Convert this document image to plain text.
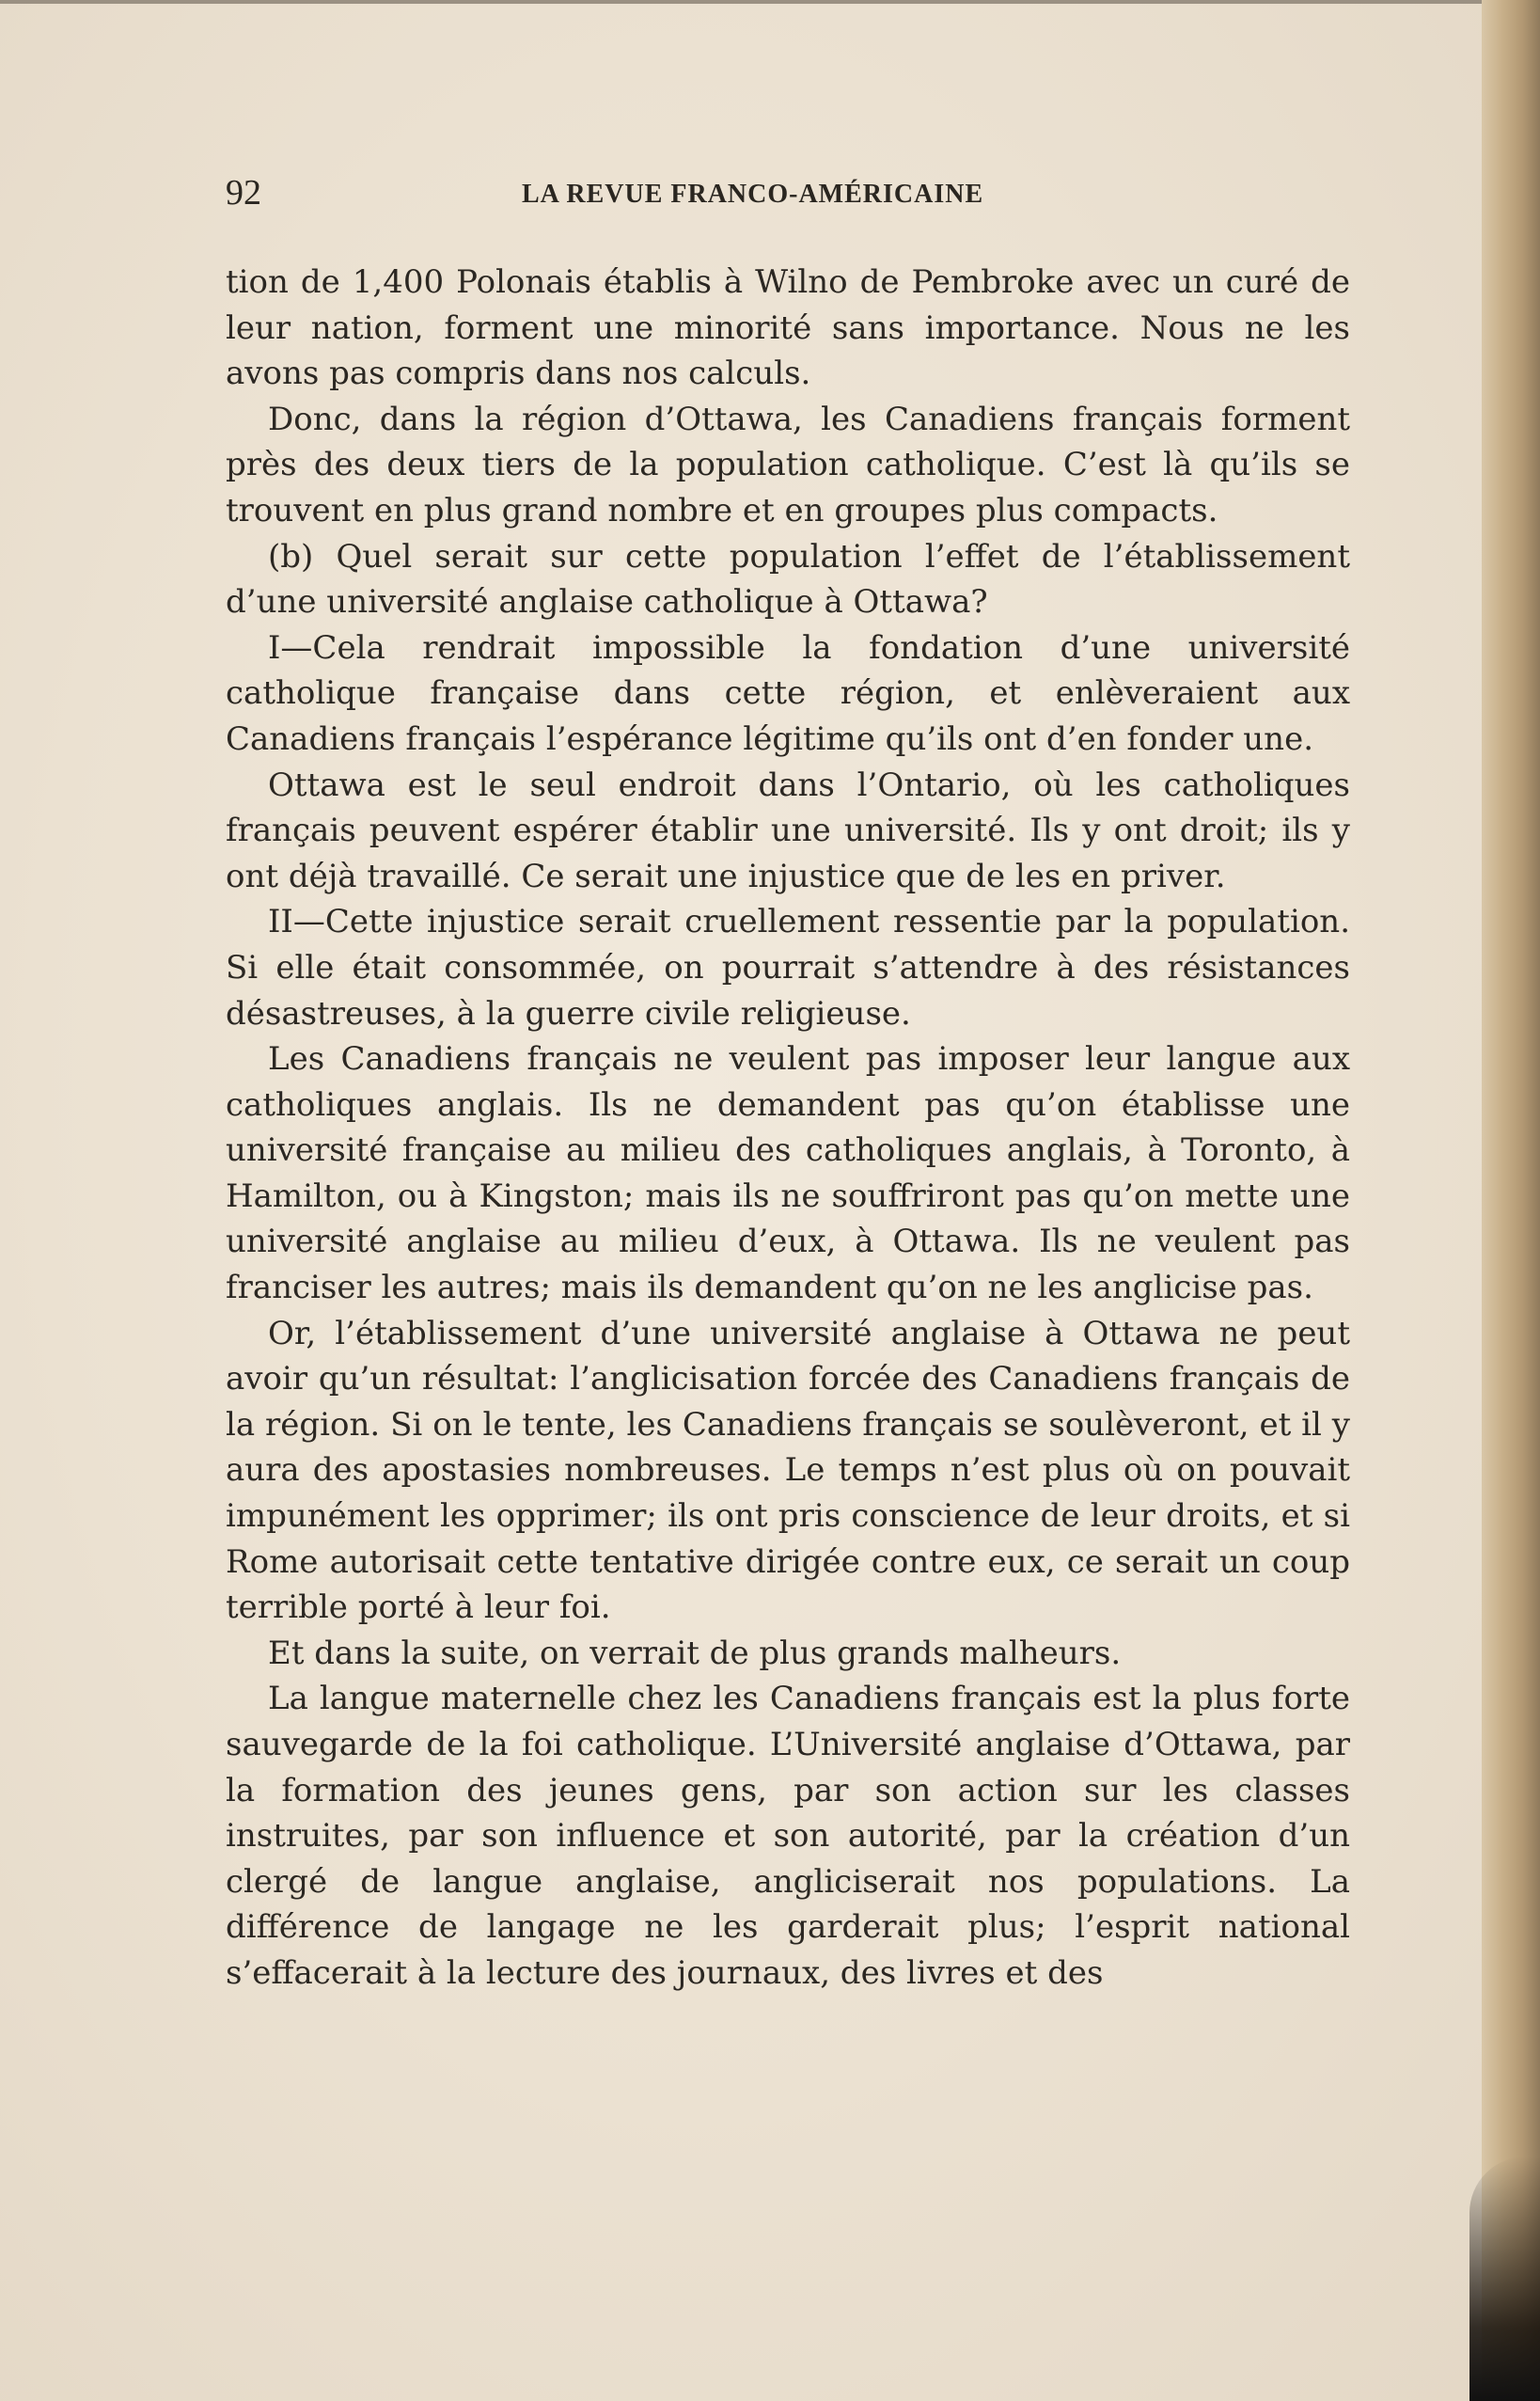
92	LA REVUE FRANCO-AMÉRICAINE

tion de 1,400 Polonais établis à Wilno de Pembroke avec un curé de leur nation, forment une minorité sans importance. Nous ne les avons pas compris dans nos calculs.

Donc, dans la région d’Ottawa, les Canadiens français forment près des deux tiers de la population catholique. C’est là qu’ils se trouvent en plus grand nombre et en groupes plus compacts.

(b) Quel serait sur cette population l’effet de l’établissement d’une université anglaise catholique à Ottawa?

I—Cela rendrait impossible la fondation d’une université catholique française dans cette région, et enlèveraient aux Canadiens français l’espérance légitime qu’ils ont d’en fonder une.

Ottawa est le seul endroit dans l’Ontario, où les catholiques français peuvent espérer établir une université. Ils y ont droit; ils y ont déjà travaillé. Ce serait une injustice que de les en priver.

II—Cette injustice serait cruellement ressentie par la population. Si elle était consommée, on pourrait s’attendre à des résistances désastreuses, à la guerre civile religieuse.

Les Canadiens français ne veulent pas imposer leur langue aux catholiques anglais. Ils ne demandent pas qu’on établisse une université française au milieu des catholiques anglais, à Toronto, à Hamilton, ou à Kingston; mais ils ne souffriront pas qu’on mette une université anglaise au milieu d’eux, à Ottawa. Ils ne veulent pas franciser les autres; mais ils demandent qu’on ne les anglicise pas.

Or, l’établissement d’une université anglaise à Ottawa ne peut avoir qu’un résultat: l’anglicisation forcée des Canadiens français de la région. Si on le tente, les Canadiens français se soulèveront, et il y aura des apostasies nombreuses. Le temps n’est plus où on pouvait impunément les opprimer; ils ont pris conscience de leur droits, et si Rome autorisait cette tentative dirigée contre eux, ce serait un coup terrible porté à leur foi.

Et dans la suite, on verrait de plus grands malheurs.

La langue maternelle chez les Canadiens français est la plus forte sauvegarde de la foi catholique. L’Université anglaise d’Ottawa, par la formation des jeunes gens, par son action sur les classes instruites, par son influence et son autorité, par la création d’un clergé de langue anglaise, angliciserait nos populations. La différence de langage ne les garderait plus; l’esprit national s’effacerait à la lecture des journaux, des livres et des
